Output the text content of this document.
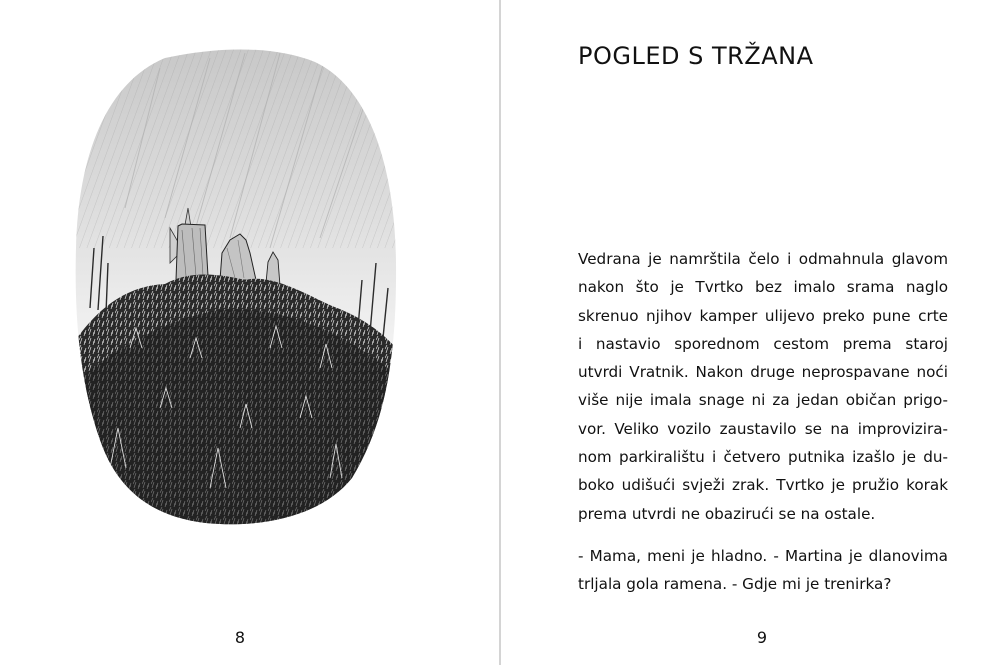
8
POGLED S TRŽANA

Vedrana je namrštila čelo i odmahnula glavom
nakon što je Tvrtko bez imalo srama naglo
skrenuo njihov kamper ulijevo preko pune crte
i nastavio sporednom cestom prema staroj
utvrdi Vratnik. Nakon druge neprospavane noći
više nije imala snage ni za jedan običan prigo-
vor. Veliko vozilo zaustavilo se na improvizira-
nom parkiralištu i četvero putnika izašlo je du-
boko udišući svježi zrak. Tvrtko je pružio korak
prema utvrdi ne obazirući se na ostale.

- Mama, meni je hladno. - Martina je dlanovima
trljala gola ramena. - Gdje mi je trenirka?

9
